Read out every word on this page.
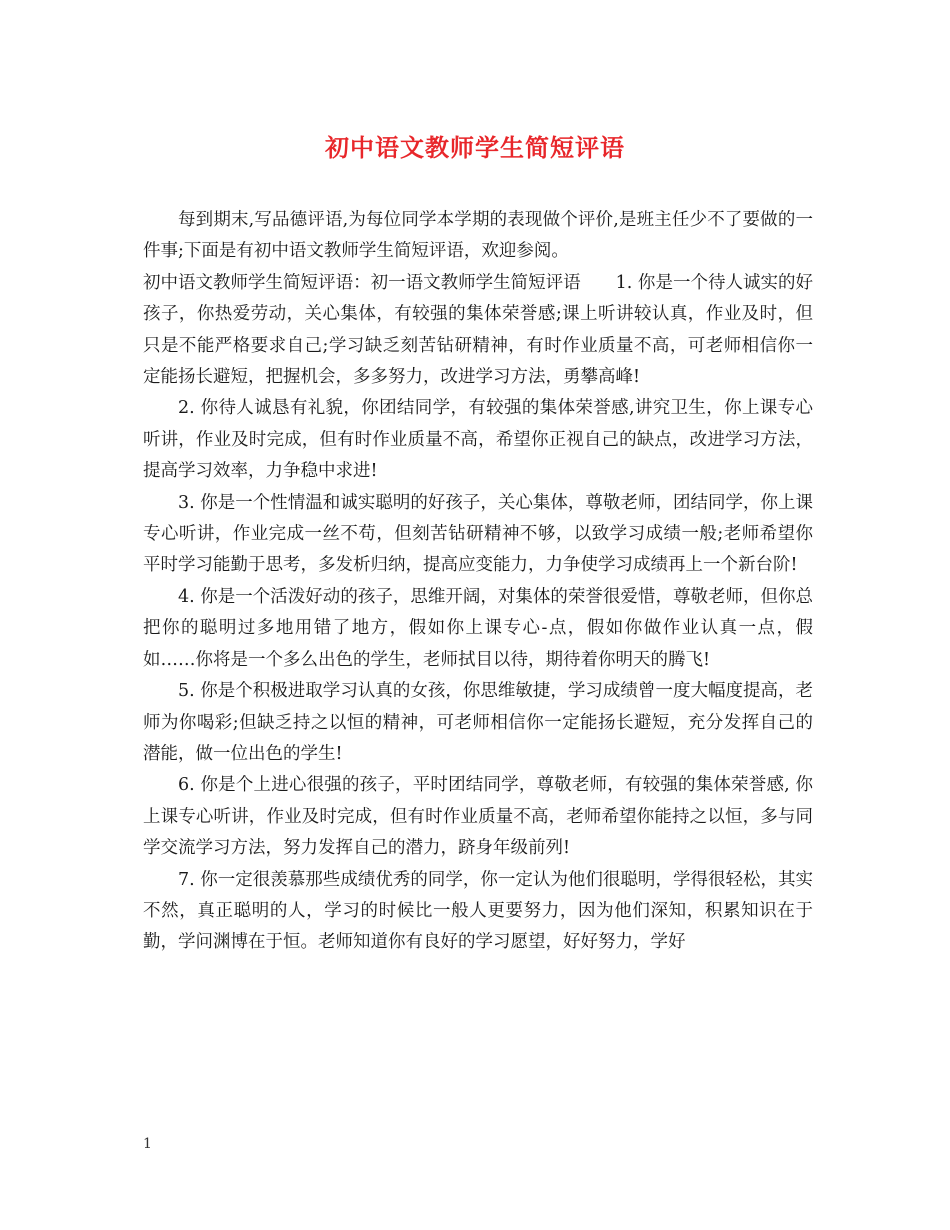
初中语文教师学生简短评语

每到期末,写品德评语,为每位同学本学期的表现做个评价,是班主任少不了要做的一件事;下面是有初中语文教师学生简短评语，欢迎参阅。

初中语文教师学生简短评语：初一语文教师学生简短评语　　1. 你是一个待人诚实的好孩子，你热爱劳动，关心集体，有较强的集体荣誉感;课上听讲较认真，作业及时，但只是不能严格要求自己;学习缺乏刻苦钻研精神，有时作业质量不高，可老师相信你一定能扬长避短，把握机会，多多努力，改进学习方法，勇攀高峰!

2. 你待人诚恳有礼貌，你团结同学，有较强的集体荣誉感,讲究卫生，你上课专心听讲，作业及时完成，但有时作业质量不高，希望你正视自己的缺点，改进学习方法，提高学习效率，力争稳中求进!

3. 你是一个性情温和诚实聪明的好孩子，关心集体，尊敬老师，团结同学，你上课专心听讲，作业完成一丝不苟，但刻苦钻研精神不够，以致学习成绩一般;老师希望你平时学习能勤于思考，多发析归纳，提高应变能力，力争使学习成绩再上一个新台阶!

4. 你是一个活泼好动的孩子，思维开阔，对集体的荣誉很爱惜，尊敬老师，但你总把你的聪明过多地用错了地方，假如你上课专心-点，假如你做作业认真一点，假如……你将是一个多么出色的学生，老师拭目以待，期待着你明天的腾飞!

5. 你是个积极进取学习认真的女孩，你思维敏捷，学习成绩曾一度大幅度提高，老师为你喝彩;但缺乏持之以恒的精神，可老师相信你一定能扬长避短，充分发挥自己的潜能，做一位出色的学生!

6. 你是个上进心很强的孩子，平时团结同学，尊敬老师，有较强的集体荣誉感, 你上课专心听讲，作业及时完成，但有时作业质量不高，老师希望你能持之以恒，多与同学交流学习方法，努力发挥自己的潜力，跻身年级前列!

7. 你一定很羡慕那些成绩优秀的同学，你一定认为他们很聪明，学得很轻松，其实不然，真正聪明的人，学习的时候比一般人更要努力，因为他们深知，积累知识在于勤，学问渊博在于恒。老师知道你有良好的学习愿望，好好努力，学好

1
